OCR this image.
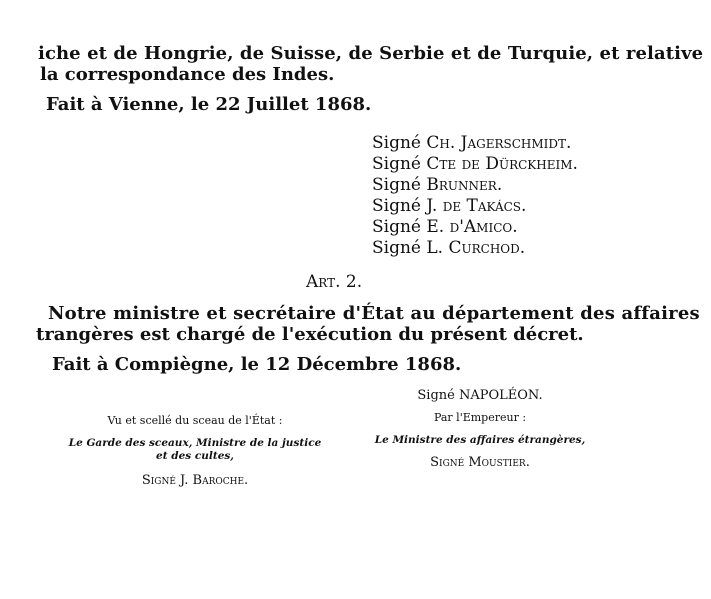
iche et de Hongrie, de Suisse, de Serbie et de Turquie, et relative
la correspondance des Indes.
Fait à Vienne, le 22 Juillet 1868.
Signé Ch. Jagerschmidt.
Signé Cte de Dürckheim.
Signé Brunner.
Signé J. de Takács.
Signé E. d'Amico.
Signé L. Curchod.
Art. 2.
Notre ministre et secrétaire d'État au département des affaires
trangères est chargé de l'exécution du présent décret.
Fait à Compiègne, le 12 Décembre 1868.
Signé NAPOLÉON.
Par l'Empereur :
Le Ministre des affaires étrangères,
Signé Moustier.
Vu et scellé du sceau de l'État :
Le Garde des sceaux, Ministre de la justice
et des cultes,
Signé J. Baroche.
